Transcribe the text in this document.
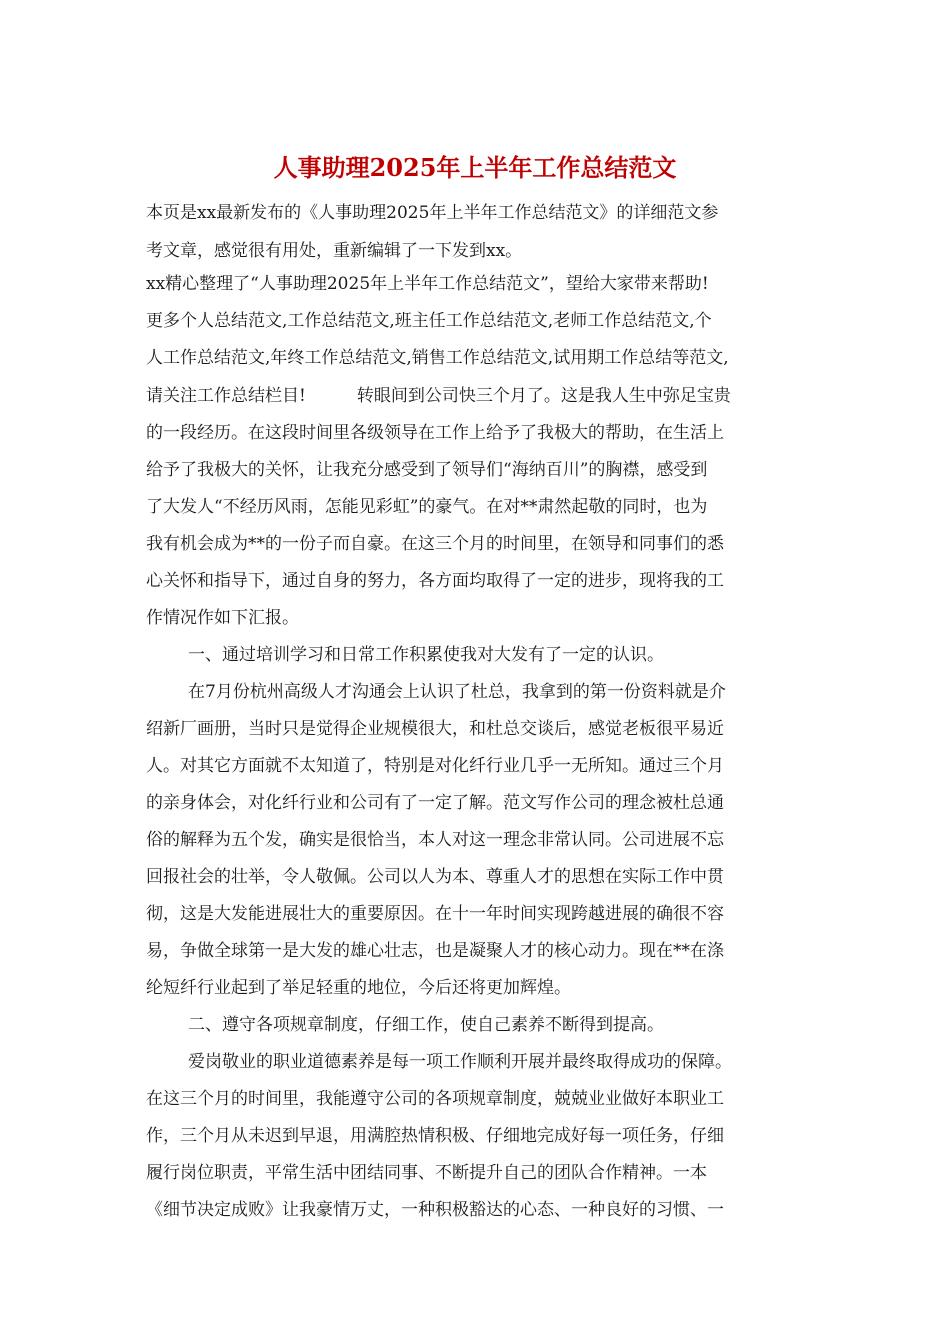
人事助理2025年上半年工作总结范文
本页是xx最新发布的《人事助理2025年上半年工作总结范文》的详细范文参
考文章，感觉很有用处，重新编辑了一下发到xx。
xx精心整理了“人事助理2025年上半年工作总结范文”，望给大家带来帮助!
更多个人总结范文,工作总结范文,班主任工作总结范文,老师工作总结范文,个
人工作总结范文,年终工作总结范文,销售工作总结范文,试用期工作总结等范文,
请关注工作总结栏目!　　　转眼间到公司快三个月了。这是我人生中弥足宝贵
的一段经历。在这段时间里各级领导在工作上给予了我极大的帮助，在生活上
给予了我极大的关怀，让我充分感受到了领导们“海纳百川”的胸襟，感受到
了大发人“不经历风雨，怎能见彩虹”的豪气。在对**肃然起敬的同时，也为
我有机会成为**的一份子而自豪。在这三个月的时间里，在领导和同事们的悉
心关怀和指导下，通过自身的努力，各方面均取得了一定的进步，现将我的工
作情况作如下汇报。
一、通过培训学习和日常工作积累使我对大发有了一定的认识。
在7月份杭州高级人才沟通会上认识了杜总，我拿到的第一份资料就是介
绍新厂画册，当时只是觉得企业规模很大，和杜总交谈后，感觉老板很平易近
人。对其它方面就不太知道了，特别是对化纤行业几乎一无所知。通过三个月
的亲身体会，对化纤行业和公司有了一定了解。范文写作公司的理念被杜总通
俗的解释为五个发，确实是很恰当，本人对这一理念非常认同。公司进展不忘
回报社会的壮举，令人敬佩。公司以人为本、尊重人才的思想在实际工作中贯
彻，这是大发能进展壮大的重要原因。在十一年时间实现跨越进展的确很不容
易，争做全球第一是大发的雄心壮志，也是凝聚人才的核心动力。现在**在涤
纶短纤行业起到了举足轻重的地位，今后还将更加辉煌。
二、遵守各项规章制度，仔细工作，使自己素养不断得到提高。
爱岗敬业的职业道德素养是每一项工作顺利开展并最终取得成功的保障。
在这三个月的时间里，我能遵守公司的各项规章制度，兢兢业业做好本职业工
作，三个月从未迟到早退，用满腔热情积极、仔细地完成好每一项任务，仔细
履行岗位职责，平常生活中团结同事、不断提升自己的团队合作精神。一本
《细节决定成败》让我豪情万丈，一种积极豁达的心态、一种良好的习惯、一
